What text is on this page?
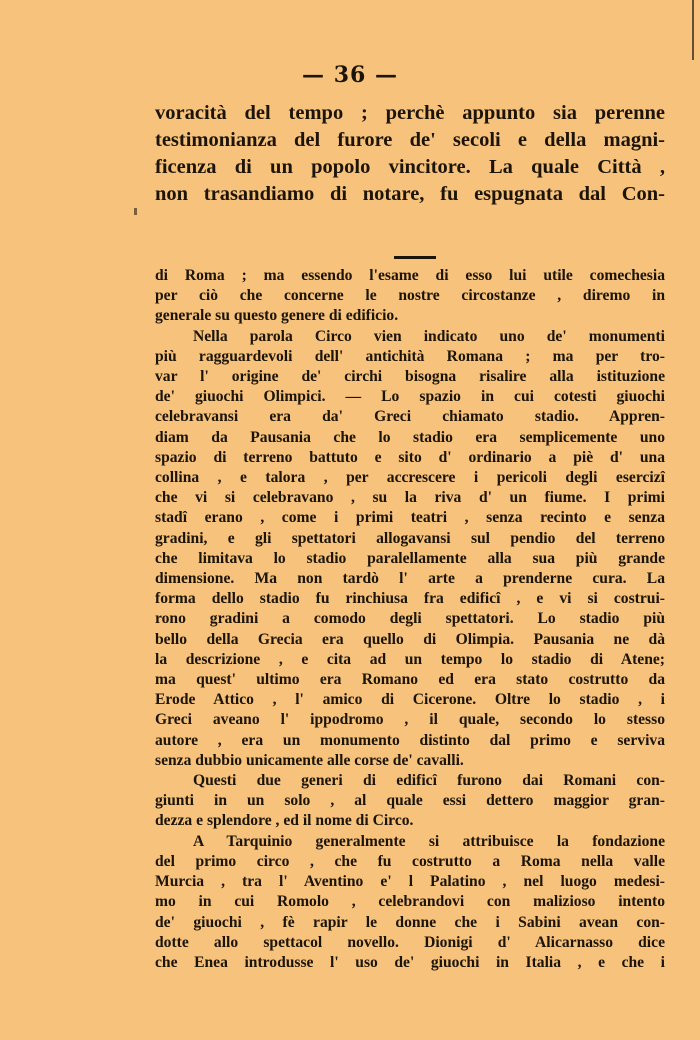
— 36 —
voracità del tempo ; perchè appunto sia perenne
testimonianza del furore de' secoli e della magni-
ficenza di un popolo vincitore. La quale Città ,
non trasandiamo di notare, fu espugnata dal Con-
di Roma ; ma essendo l'esame di esso lui utile comechesia
per ciò che concerne le nostre circostanze , diremo in
generale su questo genere di edificio.
Nella parola Circo vien indicato uno de' monumenti
più ragguardevoli dell' antichità Romana ; ma per tro-
var l' origine de' circhi bisogna risalire alla istituzione
de' giuochi Olimpici. — Lo spazio in cui cotesti giuochi
celebravansi era da' Greci chiamato stadio. Appren-
diam da Pausania che lo stadio era semplicemente uno
spazio di terreno battuto e sito d' ordinario a piè d' una
collina , e talora , per accrescere i pericoli degli esercizî
che vi si celebravano , su la riva d' un fiume. I primi
stadî erano , come i primi teatri , senza recinto e senza
gradini, e gli spettatori allogavansi sul pendio del terreno
che limitava lo stadio paralellamente alla sua più grande
dimensione. Ma non tardò l' arte a prenderne cura. La
forma dello stadio fu rinchiusa fra edificî , e vi si costrui-
rono gradini a comodo degli spettatori. Lo stadio più
bello della Grecia era quello di Olimpia. Pausania ne dà
la descrizione , e cita ad un tempo lo stadio di Atene;
ma quest' ultimo era Romano ed era stato costrutto da
Erode Attico , l' amico di Cicerone. Oltre lo stadio , i
Greci aveano l' ippodromo , il quale, secondo lo stesso
autore , era un monumento distinto dal primo e serviva
senza dubbio unicamente alle corse de' cavalli.
Questi due generi di edificî furono dai Romani con-
giunti in un solo , al quale essi dettero maggior gran-
dezza e splendore , ed il nome di Circo.
A Tarquinio generalmente si attribuisce la fondazione
del primo circo , che fu costrutto a Roma nella valle
Murcia , tra l' Aventino e' l Palatino , nel luogo medesi-
mo in cui Romolo , celebrandovi con malizioso intento
de' giuochi , fè rapir le donne che i Sabini avean con-
dotte allo spettacol novello. Dionigi d' Alicarnasso dice
che Enea introdusse l' uso de' giuochi in Italia , e che i
